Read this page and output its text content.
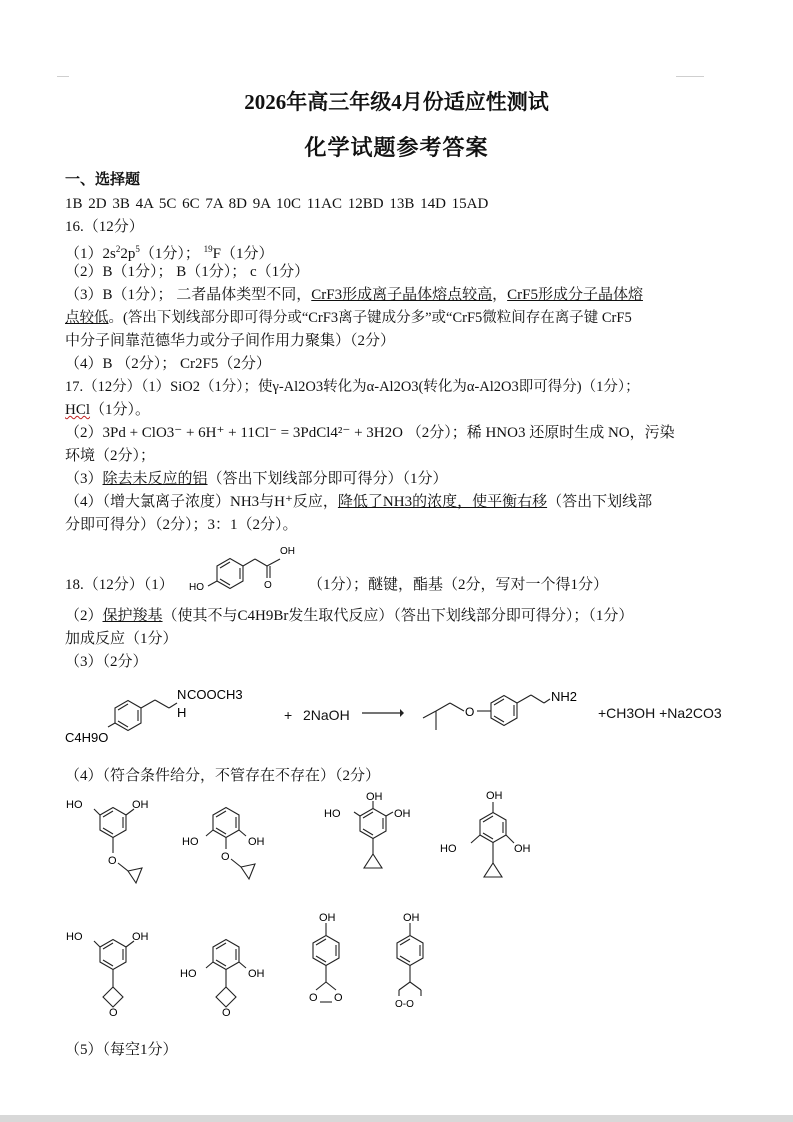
2026年高三年级4月份适应性测试
化学试题参考答案
一、选择题
1B 2D 3B 4A 5C 6C 7A 8D 9A 10C 11AC 12BD 13B 14D 15AD
16.（12分）
$(1)2s^22p^5(1$分）； $^{19}$F（1分）
（2）B（1分）； B（1分）； c（1分）
（3）B（1分）； 二者晶体类型不同，CrF3形成离子晶体熔点较高，CrF5形成分子晶体熔
点较低。(答出下划线部分即可得分或“CrF3离子键成分多”或“CrF5微粒间存在离子键 CrF5
中分子间靠范德华力或分子间作用力聚集）（2分）
（4）B （2分）； Cr2F5（2分）
17.（12分）（1）SiO2（1分）；使γ-Al2O3转化为α-Al2O3(转化为α-Al2O3即可得分)（1分）；
HCl（1分）。
（2）3Pd + ClO3⁻ + 6H⁺ + 11Cl⁻ = 3PdCl4²⁻ + 3H2O （2分）；稀 HNO3 还原时生成 NO，污染
环境（2分）；
（3）除去未反应的铝（答出下划线部分即可得分）（1分）
（4）（增大氯离子浓度）NH3与H⁺反应，降低了NH3的浓度，使平衡右移（答出下划线部
分即可得分）（2分）；3：1（2分）。
18.（12分）（1） HO
OH
O （1分）；醚键，酯基（2分，写对一个得1分）
（2）保护羧基（使其不与C4H9Br发生取代反应）（答出下划线部分即可得分）；（1分）
加成反应（1分）
（3）（2分）
N
H
COOCH3
C4H9O
+ 2NaOH	O
NH2
+CH3OH +Na2CO3
（4）（符合条件给分，不管存在不存在）（2分）
HO	OH
O
HO	OH
O
OH
HO	OH
OH
HO	OH
HO	OH
O
HO	OH
O
OH
O O
OH
O-O
（5）（每空1分）
